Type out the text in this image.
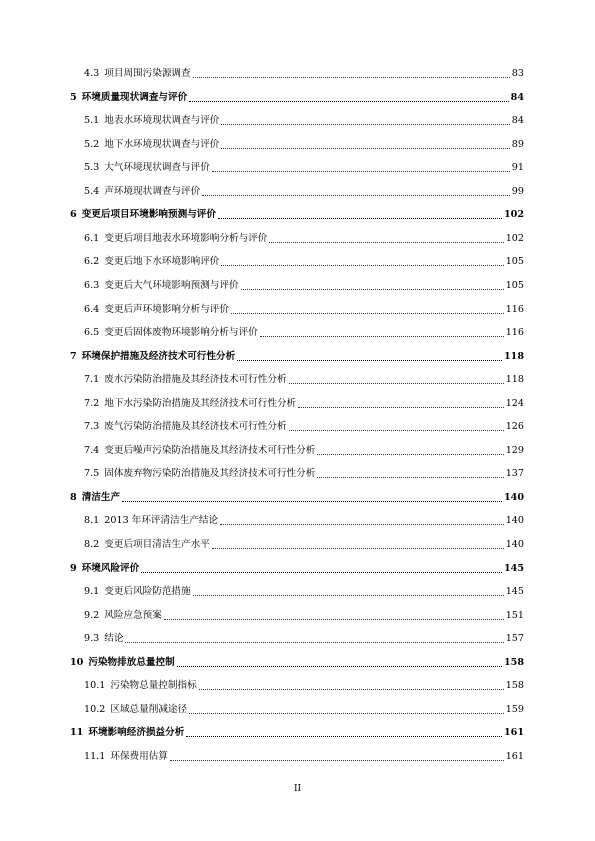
4.3 项目周围污染源调查	83
5 环境质量现状调查与评价	84
5.1 地表水环境现状调查与评价	84
5.2 地下水环境现状调查与评价	89
5.3 大气环境现状调查与评价	91
5.4 声环境现状调查与评价	99
6 变更后项目环境影响预测与评价	102
6.1 变更后项目地表水环境影响分析与评价	102
6.2 变更后地下水环境影响评价	105
6.3 变更后大气环境影响预测与评价	105
6.4 变更后声环境影响分析与评价	116
6.5 变更后固体废物环境影响分析与评价	116
7 环境保护措施及经济技术可行性分析	118
7.1 废水污染防治措施及其经济技术可行性分析	118
7.2 地下水污染防治措施及其经济技术可行性分析	124
7.3 废气污染防治措施及其经济技术可行性分析	126
7.4 变更后噪声污染防治措施及其经济技术可行性分析	129
7.5 固体废弃物污染防治措施及其经济技术可行性分析	137
8 清洁生产	140
8.1 2013 年环评清洁生产结论	140
8.2 变更后项目清洁生产水平	140
9 环境风险评价	145
9.1 变更后风险防范措施	145
9.2 风险应急预案	151
9.3 结论	157
10 污染物排放总量控制	158
10.1 污染物总量控制指标	158
10.2 区域总量削减途径	159
11 环境影响经济损益分析	161
11.1 环保费用估算	161
II
